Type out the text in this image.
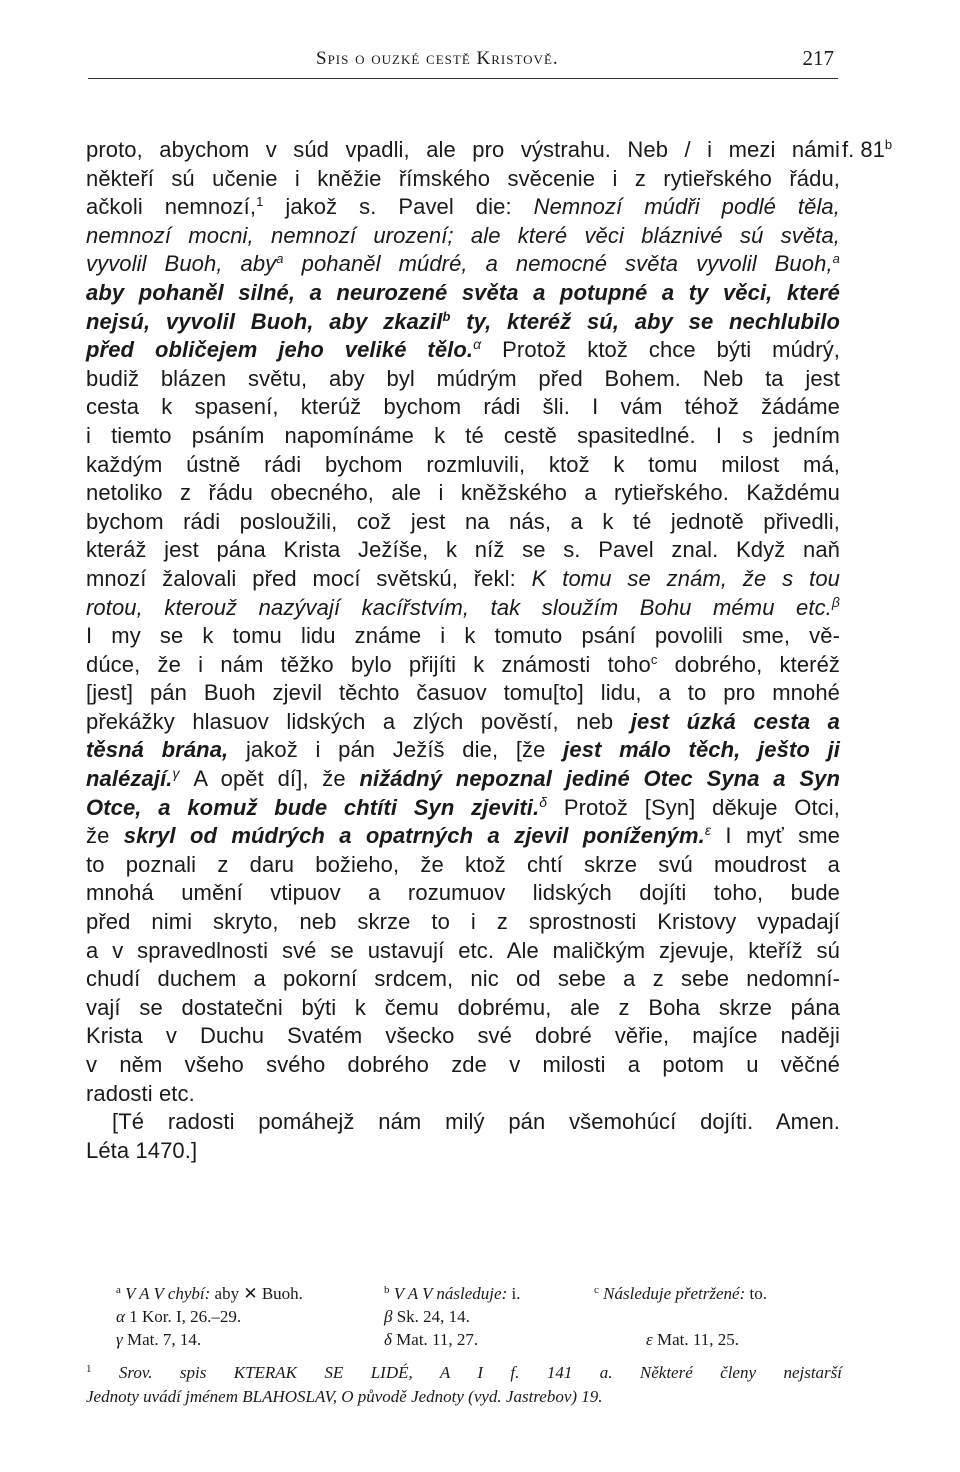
Spis o ouzké cestě Kristově.	217
f. 81$^b$
proto, abychom v súd vpadli, ale pro výstrahu. Neb / i mezi námi
někteří sú učenie i kněžie římského svěcenie i z rytieřského řádu,
ačkoli nemnozí,$^1$ jakož s. Pavel die: Nemnozí múdři podlé těla,
nemnozí mocni, nemnozí urození; ale které věci bláznivé sú světa,
vyvolil Buoh, aby$^a$ pohaněl múdré, a nemocné světa vyvolil Buoh,$^a$
aby pohaněl silné, a neurozené světa a potupné a ty věci, které
nejsú, vyvolil Buoh, aby zkazil$^b$ ty, kteréž sú, aby se nechlubilo
před obličejem jeho veliké tělo.$^\alpha$ Protož ktož chce býti múdrý,
budiž blázen světu, aby byl múdrým před Bohem. Neb ta jest
cesta k spasení, kterúž bychom rádi šli. I vám téhož žádáme
i tiemto psáním napomínáme k té cestě spasitedlné. I s jedním
každým ústně rádi bychom rozmluvili, ktož k tomu milost má,
netoliko z řádu obecného, ale i kněžského a rytieřského. Každému
bychom rádi posloužili, což jest na nás, a k té jednotě přivedli,
kteráž jest pána Krista Ježíše, k níž se s. Pavel znal. Když naň
mnozí žalovali před mocí světskú, řekl: K tomu se znám, že s tou
rotou, kterouž nazývají kacířstvím, tak sloužím Bohu mému etc.$^\beta$
I my se k tomu lidu známe i k tomuto psání povolili sme, vě-
dúce, že i nám těžko bylo přijíti k známosti toho$^c$ dobrého, kteréž
[jest] pán Buoh zjevil těchto časuov tomu[to] lidu, a to pro mnohé
překážky hlasuov lidských a zlých pověstí, neb jest úzká cesta a
těsná brána, jakož i pán Ježíš die, [že jest málo těch, ješto ji
nalézají.$^\gamma$ A opět dí], že nižádný nepoznal jediné Otec Syna a Syn
Otce, a komuž bude chtíti Syn zjeviti.$^\delta$ Protož [Syn] děkuje Otci,
že skryl od múdrých a opatrných a zjevil poníženým.$^\varepsilon$ I myť sme
to poznali z daru božieho, že ktož chtí skrze svú moudrost a
mnohá umění vtipuov a rozumuov lidských dojíti toho, bude
před nimi skryto, neb skrze to i z sprostnosti Kristovy vypadají
a v spravedlnosti své se ustavují etc. Ale maličkým zjevuje, kteříž sú
chudí duchem a pokorní srdcem, nic od sebe a z sebe nedomní-
vají se dostatečni býti k čemu dobrému, ale z Boha skrze pána
Krista v Duchu Svatém všecko své dobré věřie, majíce naději
v něm všeho svého dobrého zde v milosti a potom u věčné
radosti etc.
[Té radosti pomáhejž nám milý pán všemohúcí dojíti. Amen.
Léta 1470.]
$^a$ V A V chybí: aby ✕ Buoh.	$^b$ V A V následuje: i.	$^c$ Následuje přetržené: to.
α 1 Kor. I, 26.–29.	β Sk. 24, 14.
γ Mat. 7, 14.	δ Mat. 11, 27.	ε Mat. 11, 25.
$^1$ Srov. spis KTERAK SE LIDÉ, A I f. 141 a. Některé členy nejstarší
Jednoty uvádí jménem BLAHOSLAV, O původě Jednoty (vyd. Jastrebov) 19.
